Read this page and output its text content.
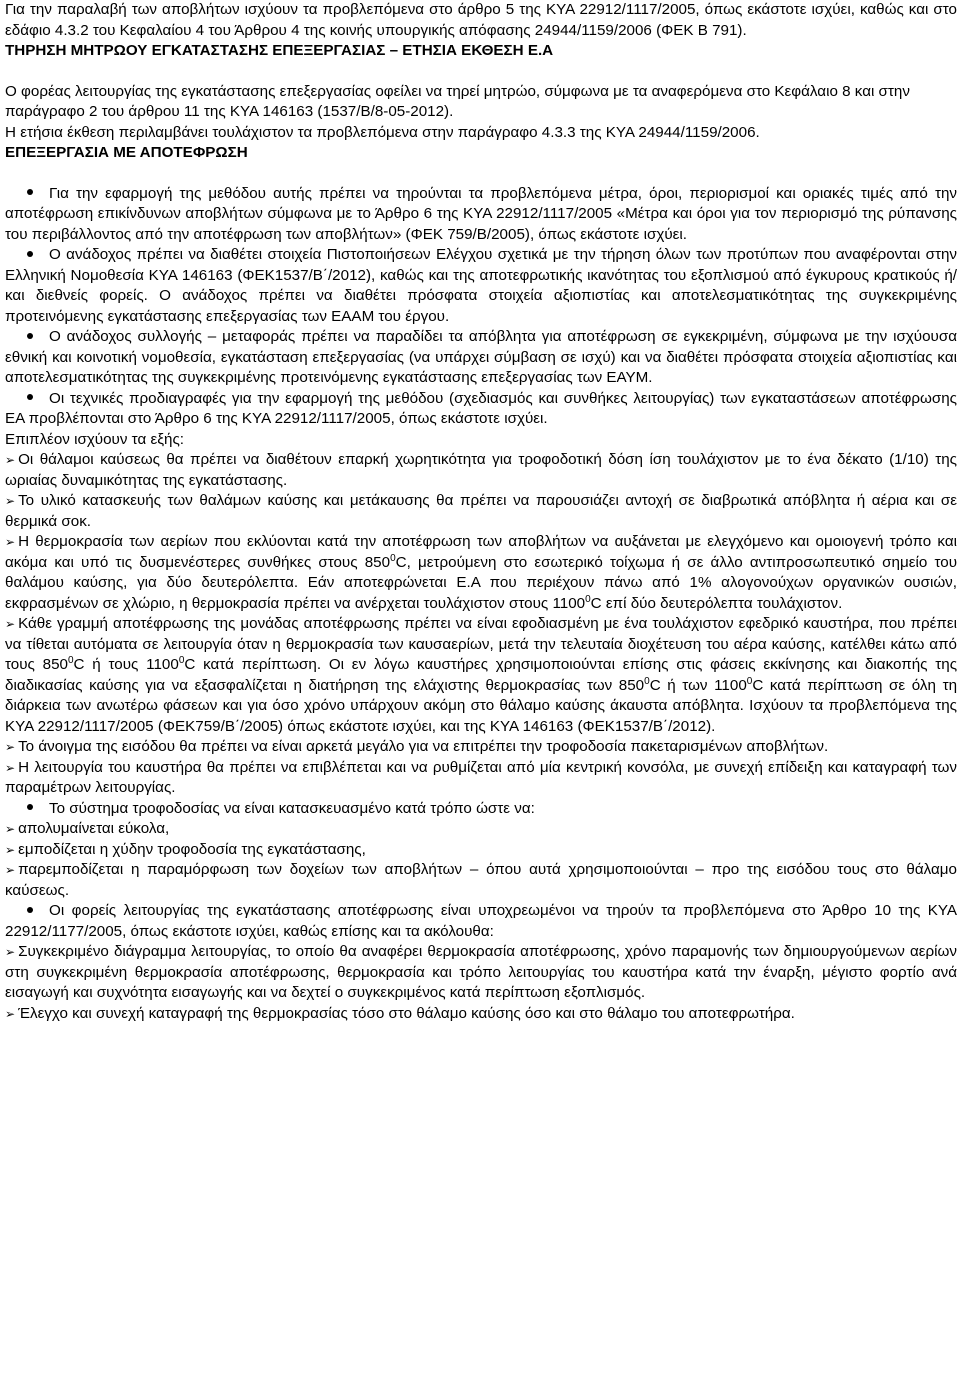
Για την παραλαβή των αποβλήτων ισχύουν τα προβλεπόμενα στο άρθρο 5 της ΚΥΑ 22912/1117/2005, όπως εκάστοτε ισχύει, καθώς και στο εδάφιο 4.3.2 του Κεφαλαίου 4 του Άρθρου 4 της κοινής υπουργικής απόφασης 24944/1159/2006 (ΦΕΚ Β 791).

ΤΗΡΗΣΗ ΜΗΤΡΩΟΥ ΕΓΚΑΤΑΣΤΑΣΗΣ ΕΠΕΞΕΡΓΑΣΙΑΣ – ΕΤΗΣΙΑ ΕΚΘΕΣΗ Ε.Α

Ο φορέας λειτουργίας της εγκατάστασης επεξεργασίας οφείλει να τηρεί μητρώο, σύμφωνα με τα αναφερόμενα στο Κεφάλαιο 8 και στην παράγραφο 2 του άρθρου 11 της ΚΥΑ 146163 (1537/Β/8-05-2012).

Η ετήσια έκθεση περιλαμβάνει τουλάχιστον τα προβλεπόμενα στην παράγραφο 4.3.3 της ΚΥΑ 24944/1159/2006.

ΕΠΕΞΕΡΓΑΣΙΑ ΜΕ ΑΠΟΤΕΦΡΩΣΗ

Για την εφαρμογή της μεθόδου αυτής πρέπει να τηρούνται τα προβλεπόμενα μέτρα, όροι, περιορισμοί και οριακές τιμές από την αποτέφρωση επικίνδυνων αποβλήτων σύμφωνα με το Άρθρο 6 της ΚΥΑ 22912/1117/2005 «Μέτρα και όροι για τον περιορισμό της ρύπανσης του περιβάλλοντος από την αποτέφρωση των αποβλήτων» (ΦΕΚ 759/Β/2005), όπως εκάστοτε ισχύει.

Ο ανάδοχος πρέπει να διαθέτει στοιχεία Πιστοποιήσεων Ελέγχου σχετικά με την τήρηση όλων των προτύπων που αναφέρονται στην Ελληνική Νομοθεσία ΚΥΑ 146163 (ΦΕΚ1537/Β΄/2012), καθώς και της αποτεφρωτικής ικανότητας του εξοπλισμού από έγκυρους κρατικούς ή/και διεθνείς φορείς. Ο ανάδοχος πρέπει να διαθέτει πρόσφατα στοιχεία αξιοπιστίας και αποτελεσματικότητας της συγκεκριμένης προτεινόμενης εγκατάστασης επεξεργασίας των ΕΑΑΜ του έργου.

Ο ανάδοχος συλλογής – μεταφοράς πρέπει να παραδίδει τα απόβλητα για αποτέφρωση σε εγκεκριμένη, σύμφωνα με την ισχύουσα εθνική και κοινοτική νομοθεσία, εγκατάσταση επεξεργασίας (να υπάρχει σύμβαση σε ισχύ) και να διαθέτει πρόσφατα στοιχεία αξιοπιστίας και αποτελεσματικότητας της συγκεκριμένης προτεινόμενης εγκατάστασης επεξεργασίας των ΕΑΥΜ.

Οι τεχνικές προδιαγραφές για την εφαρμογή της μεθόδου (σχεδιασμός και συνθήκες λειτουργίας) των εγκαταστάσεων αποτέφρωσης ΕΑ προβλέπονται στο Άρθρο 6 της ΚΥΑ 22912/1117/2005, όπως εκάστοτε ισχύει.

Επιπλέον ισχύουν τα εξής:

➢ Οι θάλαμοι καύσεως θα πρέπει να διαθέτουν επαρκή χωρητικότητα για τροφοδοτική δόση ίση τουλάχιστον με το ένα δέκατο (1/10) της ωριαίας δυναμικότητας της εγκατάστασης.

➢ Το υλικό κατασκευής των θαλάμων καύσης και μετάκαυσης θα πρέπει να παρουσιάζει αντοχή σε διαβρωτικά απόβλητα ή αέρια και σε θερμικά σοκ.

➢ Η θερμοκρασία των αερίων που εκλύονται κατά την αποτέφρωση των αποβλήτων να αυξάνεται με ελεγχόμενο και ομοιογενή τρόπο και ακόμα και υπό τις δυσμενέστερες συνθήκες στους $850^0C$, μετρούμενη στο εσωτερικό τοίχωμα ή σε άλλο αντιπροσωπευτικό σημείο του θαλάμου καύσης, για δύο δευτερόλεπτα. Εάν αποτεφρώνεται Ε.Α που περιέχουν πάνω από 1% αλογονούχων οργανικών ουσιών, εκφρασμένων σε χλώριο, η θερμοκρασία πρέπει να ανέρχεται τουλάχιστον στους 1100$^0$C επί δύο δευτερόλεπτα τουλάχιστον.

➢ Κάθε γραμμή αποτέφρωσης της μονάδας αποτέφρωσης πρέπει να είναι εφοδιασμένη με ένα τουλάχιστον εφεδρικό καυστήρα, που πρέπει να τίθεται αυτόματα σε λειτουργία όταν η θερμοκρασία των καυσαερίων, μετά την τελευταία διοχέτευση του αέρα καύσης, κατέλθει κάτω από τους $850^0C$ ή τους 1100$^0$C κατά περίπτωση. Οι εν λόγω καυστήρες χρησιμοποιούνται επίσης στις φάσεις εκκίνησης και διακοπής της διαδικασίας καύσης για να εξασφαλίζεται η διατήρηση της ελάχιστης θερμοκρασίας των $850^0C$ ή των 1100$^0$C κατά περίπτωση σε όλη τη διάρκεια των ανωτέρω φάσεων και για όσο χρόνο υπάρχουν ακόμη στο θάλαμο καύσης άκαυστα απόβλητα. Ισχύουν τα προβλεπόμενα της ΚΥΑ 22912/1117/2005 (ΦΕΚ759/Β΄/2005) όπως εκάστοτε ισχύει, και της ΚΥΑ 146163 (ΦΕΚ1537/Β΄/2012).

➢ Το άνοιγμα της εισόδου θα πρέπει να είναι αρκετά μεγάλο για να επιτρέπει την τροφοδοσία πακεταρισμένων αποβλήτων.

➢ Η λειτουργία του καυστήρα θα πρέπει να επιβλέπεται και να ρυθμίζεται από μία κεντρική κονσόλα, με συνεχή επίδειξη και καταγραφή των παραμέτρων λειτουργίας.

Το σύστημα τροφοδοσίας να είναι κατασκευασμένο κατά τρόπο ώστε να:

➢ απολυμαίνεται εύκολα,

➢ εμποδίζεται η χύδην τροφοδοσία της εγκατάστασης,

➢ παρεμποδίζεται η παραμόρφωση των δοχείων των αποβλήτων – όπου αυτά χρησιμοποιούνται – προ της εισόδου τους στο θάλαμο καύσεως.

Οι φορείς λειτουργίας της εγκατάστασης αποτέφρωσης είναι υποχρεωμένοι να τηρούν τα προβλεπόμενα στο Άρθρο 10 της ΚΥΑ 22912/1177/2005, όπως εκάστοτε ισχύει, καθώς επίσης και τα ακόλουθα:

➢ Συγκεκριμένο διάγραμμα λειτουργίας, το οποίο θα αναφέρει θερμοκρασία αποτέφρωσης, χρόνο παραμονής των δημιουργούμενων αερίων στη συγκεκριμένη θερμοκρασία αποτέφρωσης, θερμοκρασία και τρόπο λειτουργίας του καυστήρα κατά την έναρξη, μέγιστο φορτίο ανά εισαγωγή και συχνότητα εισαγωγής και να δεχτεί ο συγκεκριμένος κατά περίπτωση εξοπλισμός.

➢ Έλεγχο και συνεχή καταγραφή της θερμοκρασίας τόσο στο θάλαμο καύσης όσο και στο θάλαμο του αποτεφρωτήρα.
